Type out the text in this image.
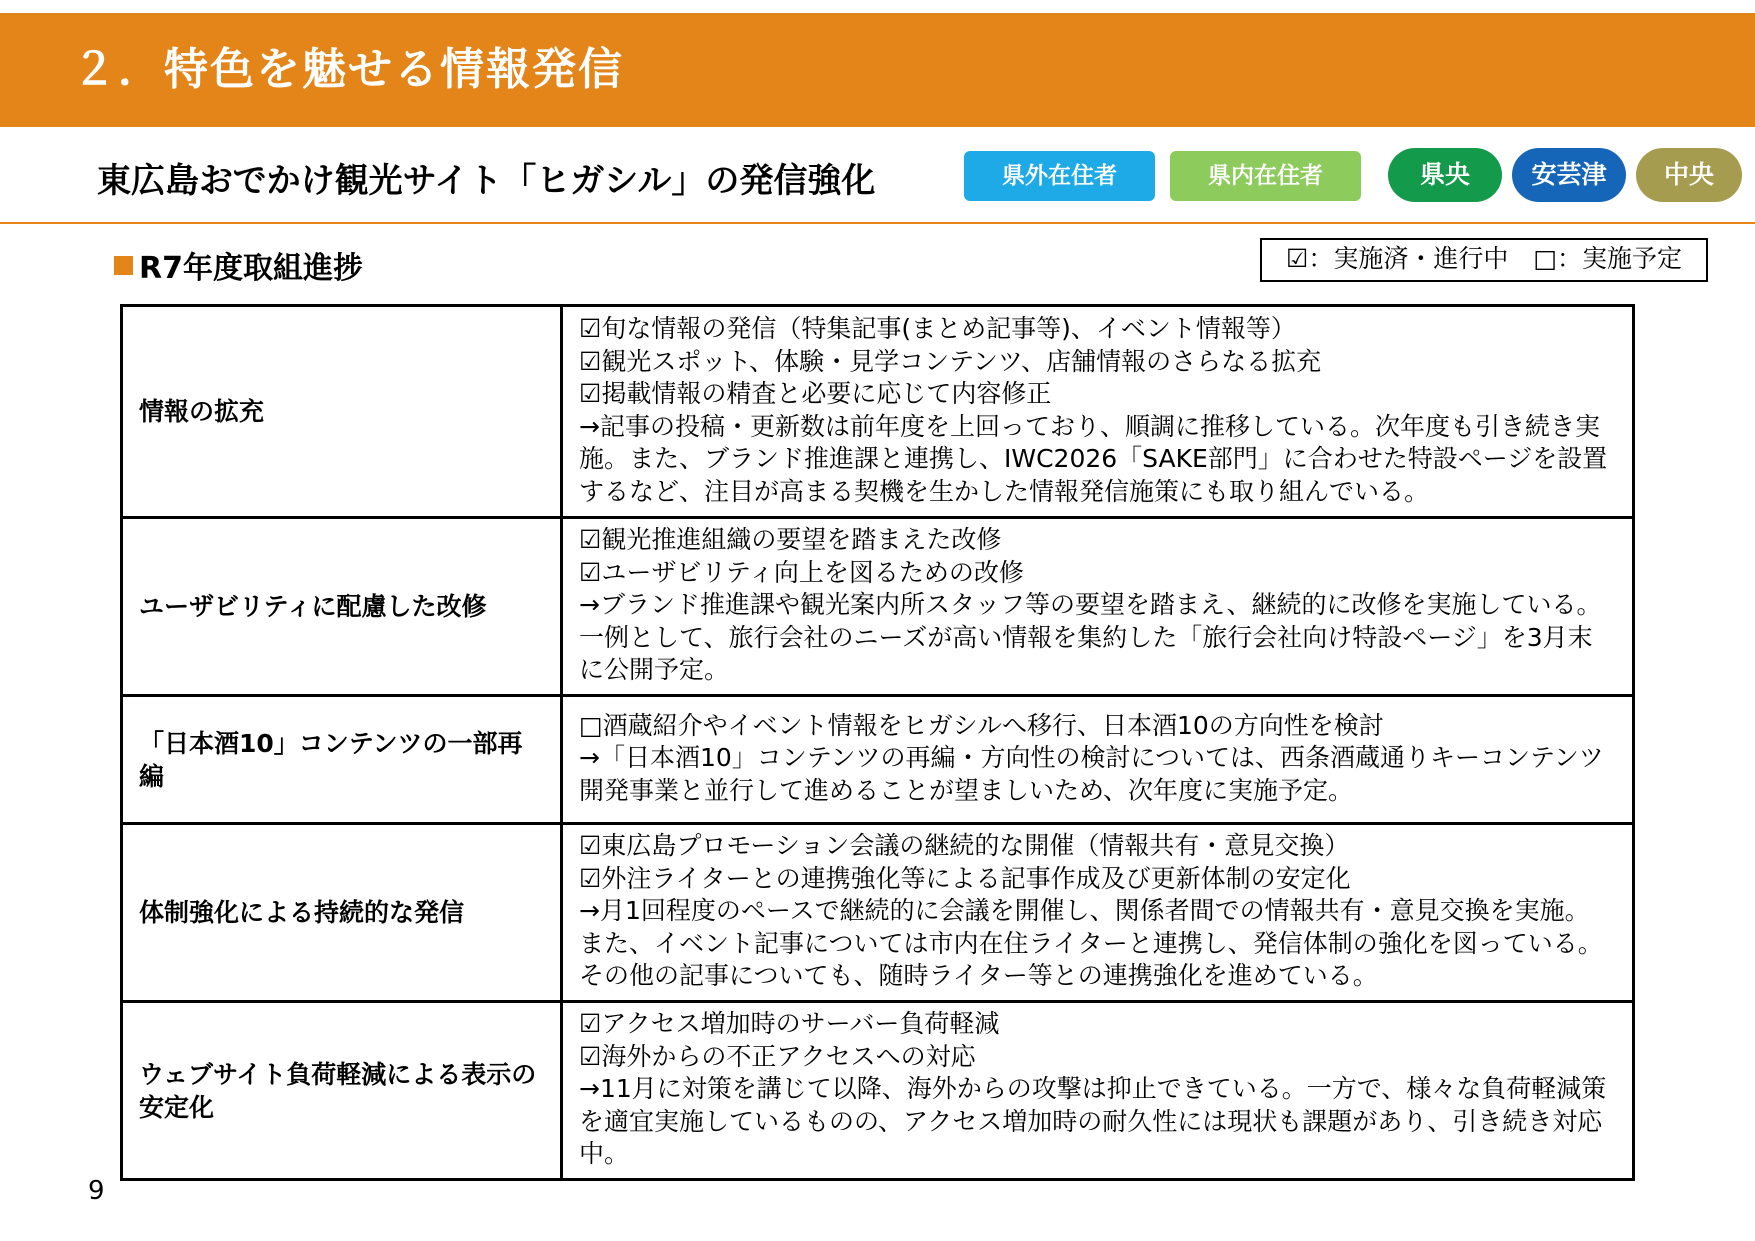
２．特色を魅せる情報発信
東広島おでかけ観光サイト「ヒガシル」の発信強化	県外在住者	県内在住者	県央	安芸津	中央
R7年度取組進捗	☑：実施済・進行中　□：実施予定
情報の拡充	☑旬な情報の発信（特集記事(まとめ記事等)、イベント情報等）
☑観光スポット、体験・見学コンテンツ、店舗情報のさらなる拡充
☑掲載情報の精査と必要に応じて内容修正
→記事の投稿・更新数は前年度を上回っており、順調に推移している。次年度も引き続き実施。また、ブランド推進課と連携し、IWC2026「SAKE部門」に合わせた特設ページを設置するなど、注目が高まる契機を生かした情報発信施策にも取り組んでいる。

ユーザビリティに配慮した改修	☑観光推進組織の要望を踏まえた改修
☑ユーザビリティ向上を図るための改修
→ブランド推進課や観光案内所スタッフ等の要望を踏まえ、継続的に改修を実施している。一例として、旅行会社のニーズが高い情報を集約した「旅行会社向け特設ページ」を3月末に公開予定。

「日本酒10」コンテンツの一部再編	□酒蔵紹介やイベント情報をヒガシルへ移行、日本酒10の方向性を検討
→「日本酒10」コンテンツの再編・方向性の検討については、西条酒蔵通りキーコンテンツ開発事業と並行して進めることが望ましいため、次年度に実施予定。

体制強化による持続的な発信	☑東広島プロモーション会議の継続的な開催（情報共有・意見交換）
☑外注ライターとの連携強化等による記事作成及び更新体制の安定化
→月1回程度のペースで継続的に会議を開催し、関係者間での情報共有・意見交換を実施。また、イベント記事については市内在住ライターと連携し、発信体制の強化を図っている。その他の記事についても、随時ライター等との連携強化を進めている。

ウェブサイト負荷軽減による表示の安定化	☑アクセス増加時のサーバー負荷軽減
☑海外からの不正アクセスへの対応
→11月に対策を講じて以降、海外からの攻撃は抑止できている。一方で、様々な負荷軽減策を適宜実施しているものの、アクセス増加時の耐久性には現状も課題があり、引き続き対応中。
9
